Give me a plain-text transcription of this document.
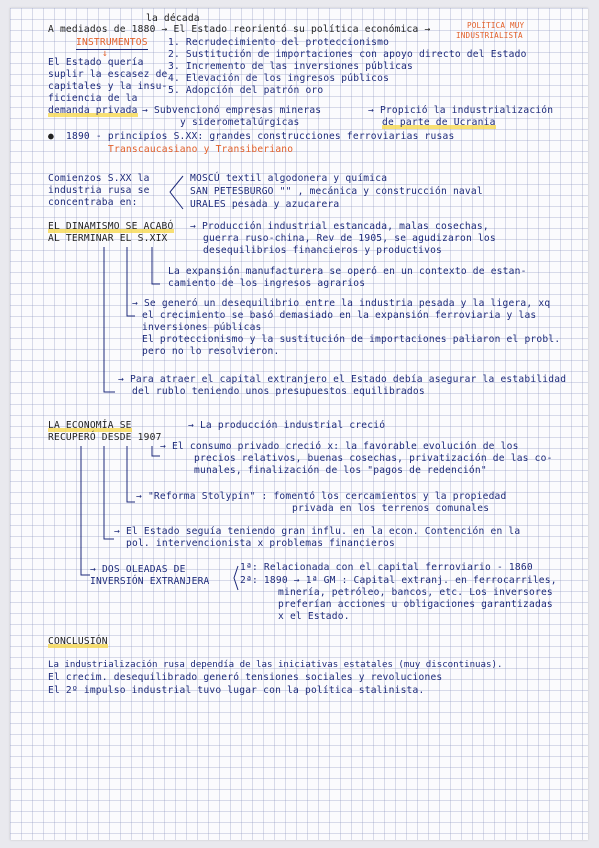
la década
A mediados de 1880 → El Estado reorientó su política económica →	POLÍTICA MUY
INDUSTRIALISTA
INSTRUMENTOS
↓
1. Recrudecimiento del proteccionismo
2. Sustitución de importaciones con apoyo directo del Estado
3. Incremento de las inversiones públicas
4. Elevación de los ingresos públicos
5. Adopción del patrón oro
El Estado quería
suplir la escasez de
capitales y la insu-
ficiencia de la
demanda privada → Subvencionó empresas mineras
y siderometalúrgicas
→ Propició la industrialización
de parte de Ucrania
● 1890 - principios S.XX: grandes construcciones ferroviarias rusas
Transcaucasiano y Transiberiano
Comienzos S.XX la
industria rusa se
concentraba en:
MOSCÚ textil algodonera y química
SAN PETESBURGO "" , mecánica y construcción naval
URALES pesada y azucarera
EL DINAMISMO SE ACABÓ
AL TERMINAR EL S.XIX
→ Producción industrial estancada, malas cosechas,
guerra ruso-china, Rev de 1905, se agudizaron los
desequilibrios financieros y productivos
La expansión manufacturera se operó en un contexto de estan-
camiento de los ingresos agrarios
→ Se generó un desequilibrio entre la industria pesada y la ligera, xq
el crecimiento se basó demasiado en la expansión ferroviaria y las
inversiones públicas
El proteccionismo y la sustitución de importaciones paliaron el probl.
pero no lo resolvieron.
→ Para atraer el capital extranjero el Estado debía asegurar la estabilidad
del rublo teniendo unos presupuestos equilibrados
LA ECONOMÍA SE
RECUPERÓ DESDE 1907
→ La producción industrial creció
→ El consumo privado creció x: la favorable evolución de los
precios relativos, buenas cosechas, privatización de las co-
munales, finalización de los "pagos de redención"
→ "Reforma Stolypin" : fomentó los cercamientos y la propiedad
privada en los terrenos comunales
→ El Estado seguía teniendo gran influ. en la econ. Contención en la
pol. intervencionista x problemas financieros
→ DOS OLEADAS DE
INVERSIÓN EXTRANJERA
1ª: Relacionada con el capital ferroviario - 1860
2ª: 1890 → 1ª GM : Capital extranj. en ferrocarriles,
minería, petróleo, bancos, etc. Los inversores
preferían acciones u obligaciones garantizadas
x el Estado.
CONCLUSIÓN
La industrialización rusa dependía de las iniciativas estatales (muy discontinuas).
El crecim. desequilibrado generó tensiones sociales y revoluciones
El 2º impulso industrial tuvo lugar con la política stalinista.
